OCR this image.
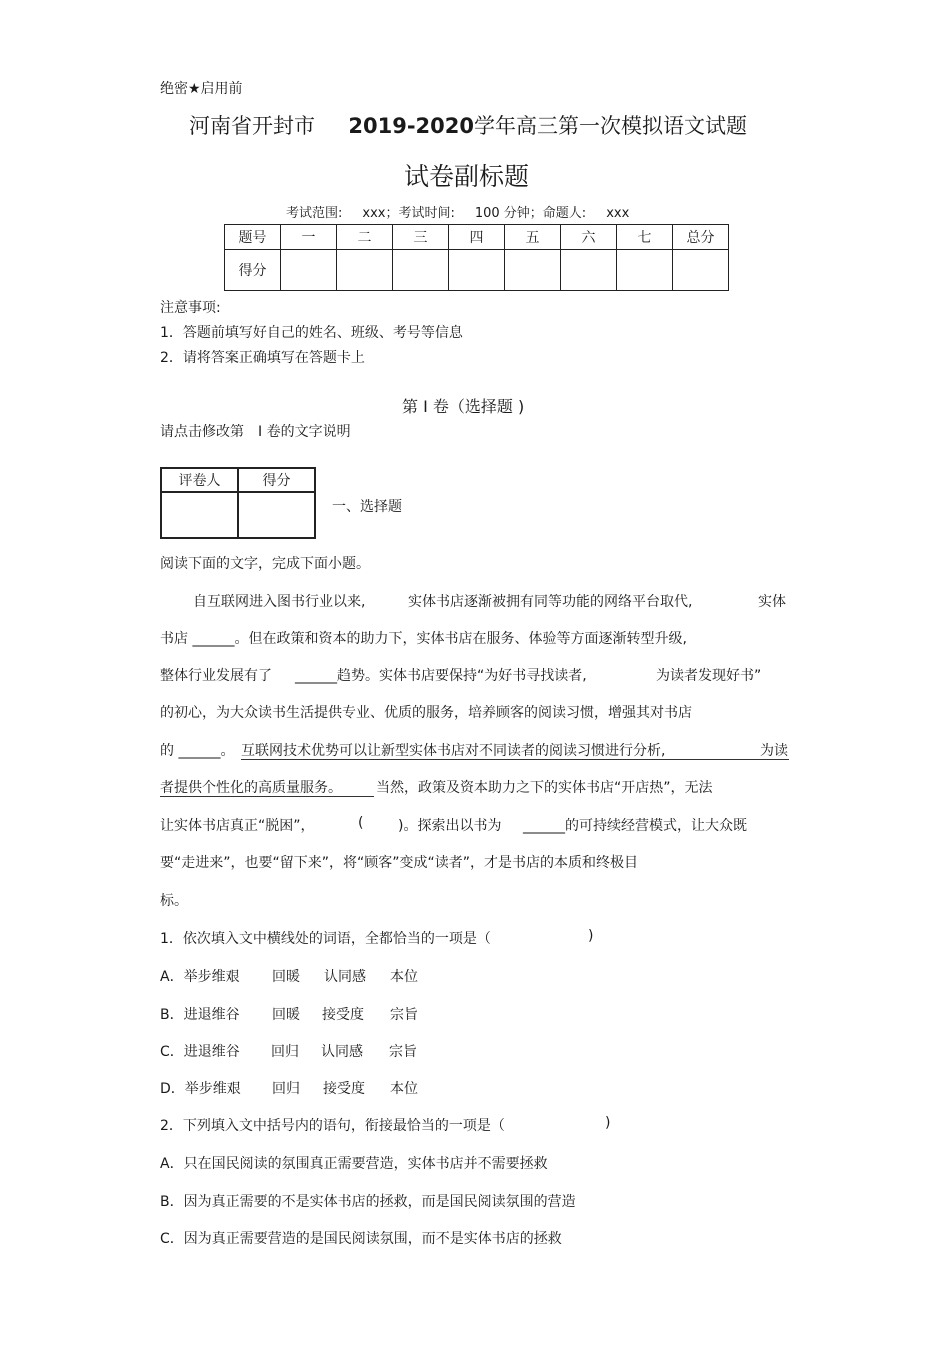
绝密★启用前
河南省开封市 2019-2020学年高三第一次模拟语文试题
试卷副标题
考试范围: xxx；考试时间: 100 分钟；命题人: xxx
题号	一	二	三	四	五	六	七	总分
得分								
注意事项:
1．答题前填写好自己的姓名、班级、考号等信息
2．请将答案正确填写在答题卡上
第 I 卷（选择题 )
请点击修改第　I 卷的文字说明
评卷人	得分

一、选择题
阅读下面的文字，完成下面小题。
自互联网进入图书行业以来,	实体书店逐渐被拥有同等功能的网络平台取代,	实体
书店 ______。但在政策和资本的助力下，实体书店在服务、体验等方面逐渐转型升级,
整体行业发展有了 ______趋势。实体书店要保持“为好书寻找读者,	为读者发现好书”
的初心，为大众读书生活提供专业、优质的服务，培养顾客的阅读习惯，增强其对书店
的 ______。 互联网技术优势可以让新型实体书店对不同读者的阅读习惯进行分析,	为读
者提供个性化的高质量服务。 当然，政策及资本助力之下的实体书店“开店热”，无法
让实体书店真正“脱困”，	( )。探索出以书为 ______的可持续经营模式，让大众既
要“走进来”，也要“留下来”，将“顾客”变成“读者”，才是书店的本质和终极目
标。
1．依次填入文中横线处的词语，全都恰当的一项是（	)
A．举步维艰 回暖 认同感 本位
B．进退维谷 回暖 接受度 宗旨
C．进退维谷 回归 认同感 宗旨
D．举步维艰 回归 接受度 本位
2．下列填入文中括号内的语句，衔接最恰当的一项是（	)
A．只在国民阅读的氛围真正需要营造，实体书店并不需要拯救
B．因为真正需要的不是实体书店的拯救，而是国民阅读氛围的营造
C．因为真正需要营造的是国民阅读氛围，而不是实体书店的拯救
